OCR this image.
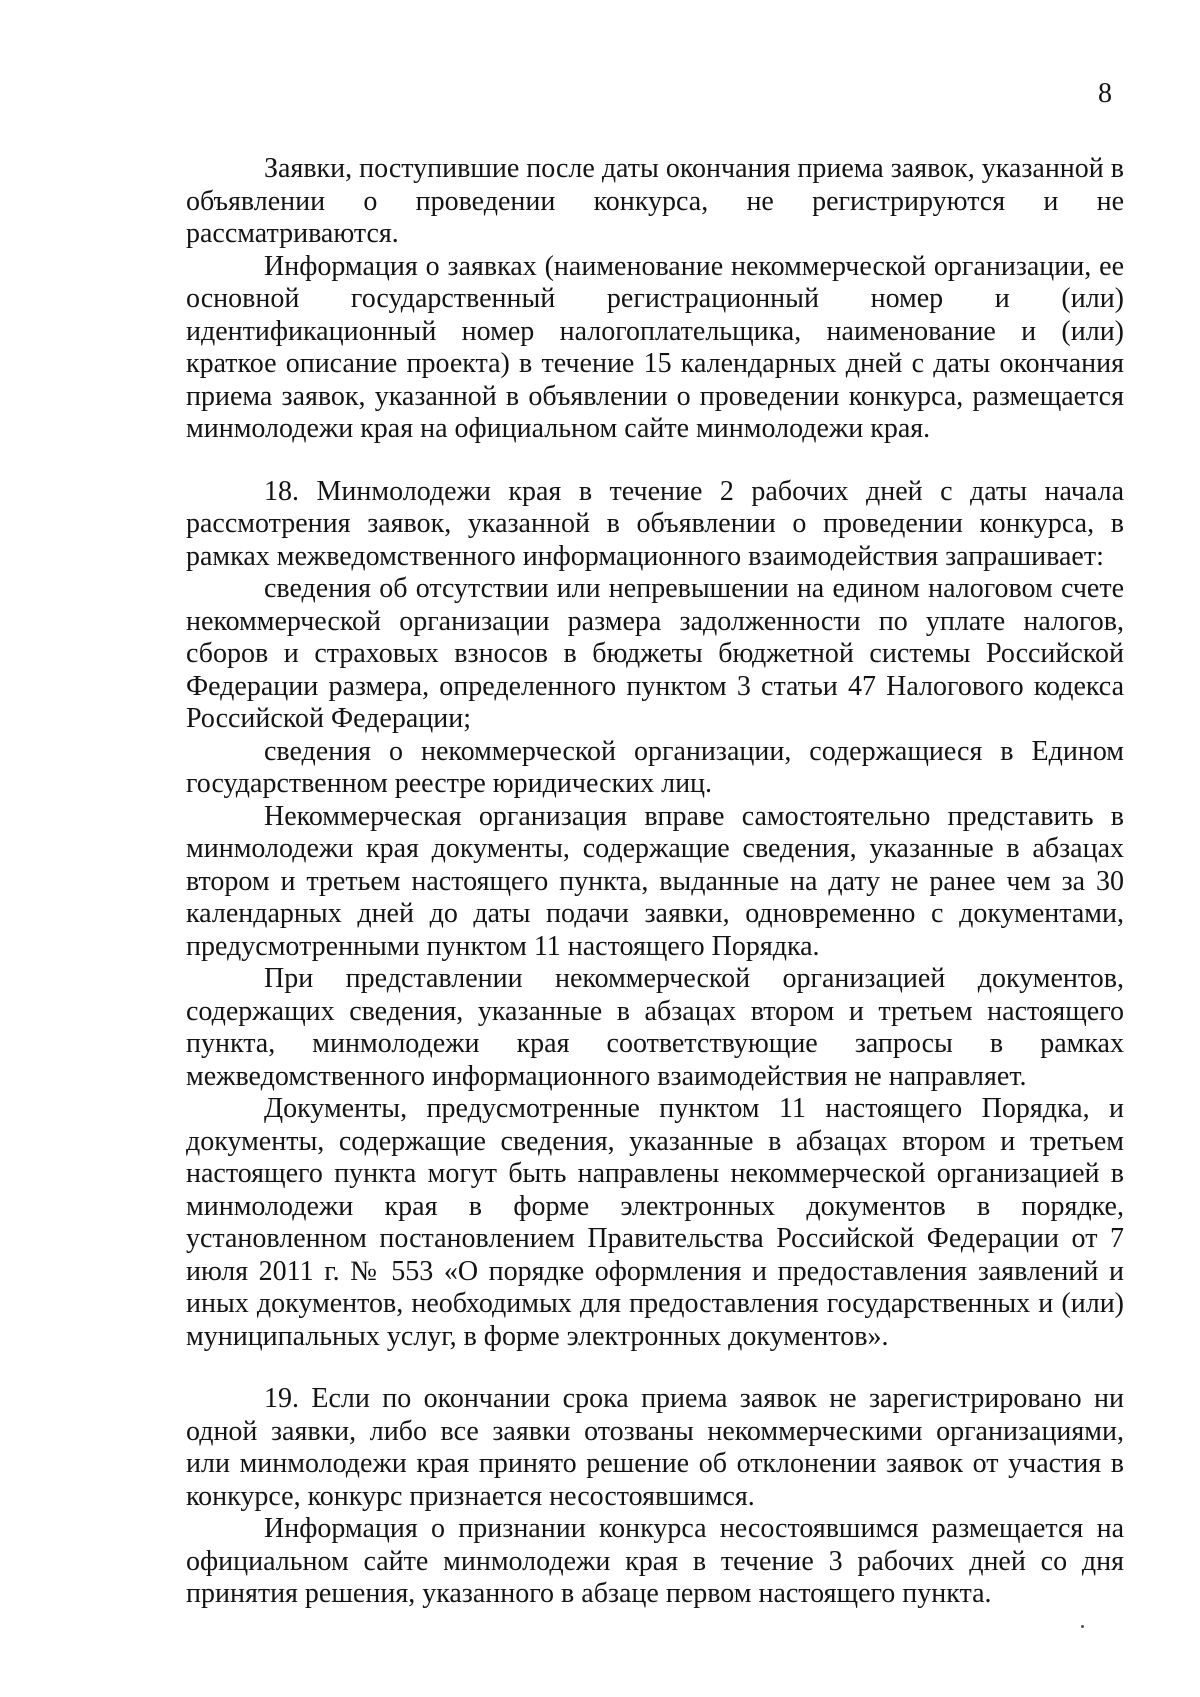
8

Заявки, поступившие после даты окончания приема заявок, указанной в объявлении о проведении конкурса, не регистрируются и не рассматриваются.

Информация о заявках (наименование некоммерческой организации, ее основной государственный регистрационный номер и (или) идентификационный номер налогоплательщика, наименование и (или) краткое описание проекта) в течение 15 календарных дней с даты окончания приема заявок, указанной в объявлении о проведении конкурса, размещается минмолодежи края на официальном сайте минмолодежи края.

18. Минмолодежи края в течение 2 рабочих дней с даты начала рассмотрения заявок, указанной в объявлении о проведении конкурса, в рамках межведомственного информационного взаимодействия запрашивает:

сведения об отсутствии или непревышении на едином налоговом счете некоммерческой организации размера задолженности по уплате налогов, сборов и страховых взносов в бюджеты бюджетной системы Российской Федерации размера, определенного пунктом 3 статьи 47 Налогового кодекса Российской Федерации;

сведения о некоммерческой организации, содержащиеся в Едином государственном реестре юридических лиц.

Некоммерческая организация вправе самостоятельно представить в минмолодежи края документы, содержащие сведения, указанные в абзацах втором и третьем настоящего пункта, выданные на дату не ранее чем за 30 календарных дней до даты подачи заявки, одновременно с документами, предусмотренными пунктом 11 настоящего Порядка.

При представлении некоммерческой организацией документов, содержащих сведения, указанные в абзацах втором и третьем настоящего пункта, минмолодежи края соответствующие запросы в рамках межведомственного информационного взаимодействия не направляет.

Документы, предусмотренные пунктом 11 настоящего Порядка, и документы, содержащие сведения, указанные в абзацах втором и третьем настоящего пункта могут быть направлены некоммерческой организацией в минмолодежи края в форме электронных документов в порядке, установленном постановлением Правительства Российской Федерации от 7 июля 2011 г. № 553 «О порядке оформления и предоставления заявлений и иных документов, необходимых для предоставления государственных и (или) муниципальных услуг, в форме электронных документов».

19. Если по окончании срока приема заявок не зарегистрировано ни одной заявки, либо все заявки отозваны некоммерческими организациями, или минмолодежи края принято решение об отклонении заявок от участия в конкурсе, конкурс признается несостоявшимся.

Информация о признании конкурса несостоявшимся размещается на официальном сайте минмолодежи края в течение 3 рабочих дней со дня принятия решения, указанного в абзаце первом настоящего пункта.
